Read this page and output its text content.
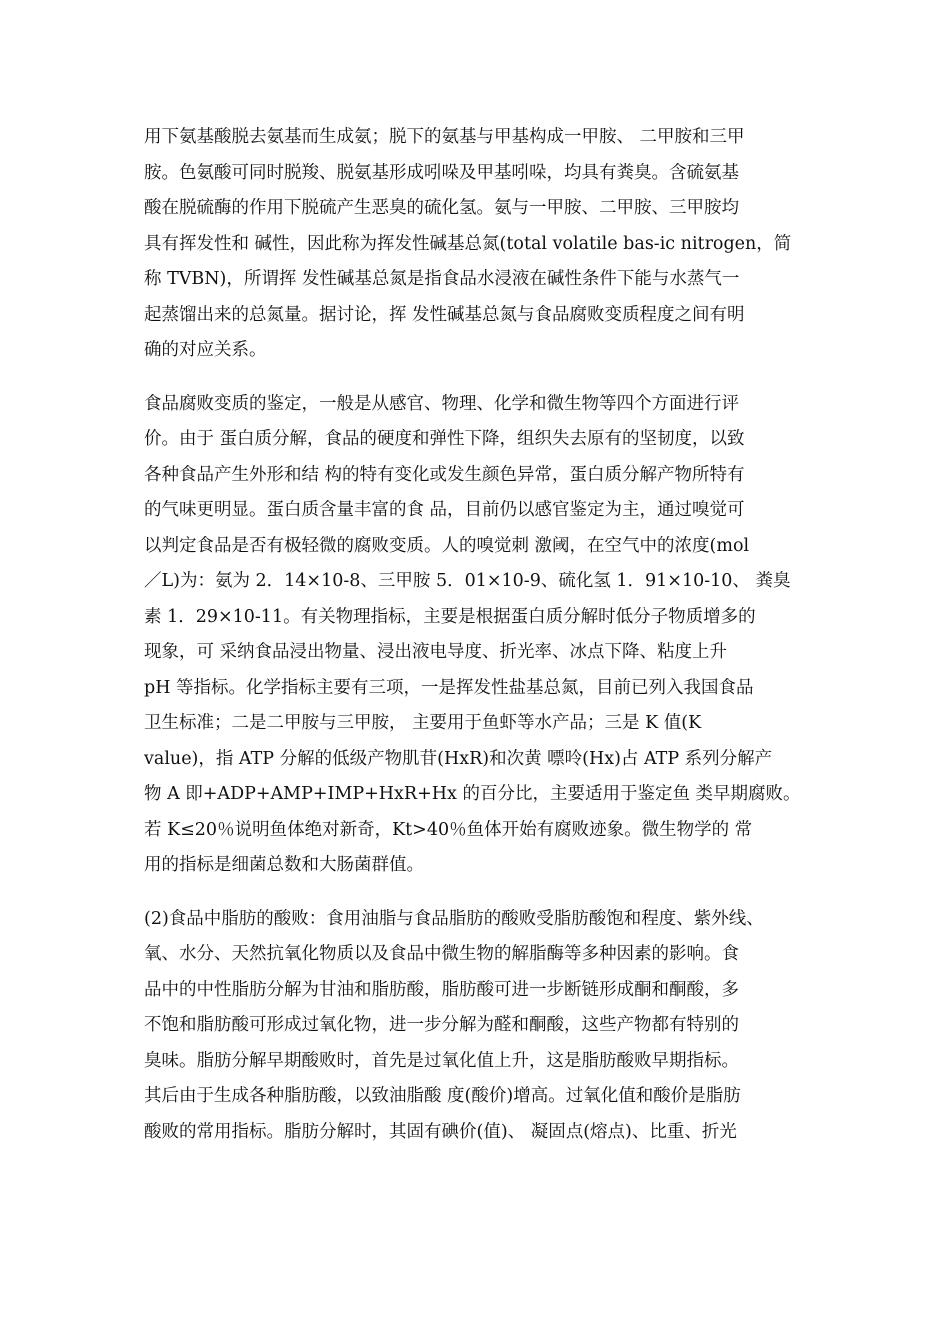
用下氨基酸脱去氨基而生成氨；脱下的氨基与甲基构成一甲胺、 二甲胺和三甲
胺。色氨酸可同时脱羧、脱氨基形成吲哚及甲基吲哚，均具有粪臭。含硫氨基
酸在脱硫酶的作用下脱硫产生恶臭的硫化氢。氨与一甲胺、二甲胺、三甲胺均
具有挥发性和 碱性，因此称为挥发性碱基总氮(total volatile bas-ic nitrogen，简
称 TVBN)，所谓挥 发性碱基总氮是指食品水浸液在碱性条件下能与水蒸气一
起蒸馏出来的总氮量。据讨论，挥 发性碱基总氮与食品腐败变质程度之间有明
确的对应关系。
食品腐败变质的鉴定，一般是从感官、物理、化学和微生物等四个方面进行评
价。由于 蛋白质分解，食品的硬度和弹性下降，组织失去原有的坚韧度，以致
各种食品产生外形和结 构的特有变化或发生颜色异常，蛋白质分解产物所特有
的气味更明显。蛋白质含量丰富的食 品，目前仍以感官鉴定为主，通过嗅觉可
以判定食品是否有极轻微的腐败变质。人的嗅觉刺 激阈，在空气中的浓度(mol
／L)为：氨为 2．14×10-8、三甲胺 5．01×10-9、硫化氢 1．91×10-10、 粪臭
素 1．29×10-11。有关物理指标，主要是根据蛋白质分解时低分子物质增多的
现象，可 采纳食品浸出物量、浸出液电导度、折光率、冰点下降、粘度上升
pH 等指标。化学指标主要有三项，一是挥发性盐基总氮，目前已列入我国食品
卫生标准；二是二甲胺与三甲胺， 主要用于鱼虾等水产品；三是 K 值(K
value)，指 ATP 分解的低级产物肌苷(HxR)和次黄 嘌呤(Hx)占 ATP 系列分解产
物 A 即+ADP+AMP+IMP+HxR+Hx 的百分比，主要适用于鉴定鱼 类早期腐败。
若 K≤20％说明鱼体绝对新奇，Kt>40％鱼体开始有腐败迹象。微生物学的 常
用的指标是细菌总数和大肠菌群值。
(2)食品中脂肪的酸败：食用油脂与食品脂肪的酸败受脂肪酸饱和程度、紫外线、
氧、水分、天然抗氧化物质以及食品中微生物的解脂酶等多种因素的影响。食
品中的中性脂肪分解为甘油和脂肪酸，脂肪酸可进一步断链形成酮和酮酸，多
不饱和脂肪酸可形成过氧化物，进一步分解为醛和酮酸，这些产物都有特别的
臭味。脂肪分解早期酸败时，首先是过氧化值上升，这是脂肪酸败早期指标。
其后由于生成各种脂肪酸，以致油脂酸 度(酸价)增高。过氧化值和酸价是脂肪
酸败的常用指标。脂肪分解时，其固有碘价(值)、 凝固点(熔点)、比重、折光
